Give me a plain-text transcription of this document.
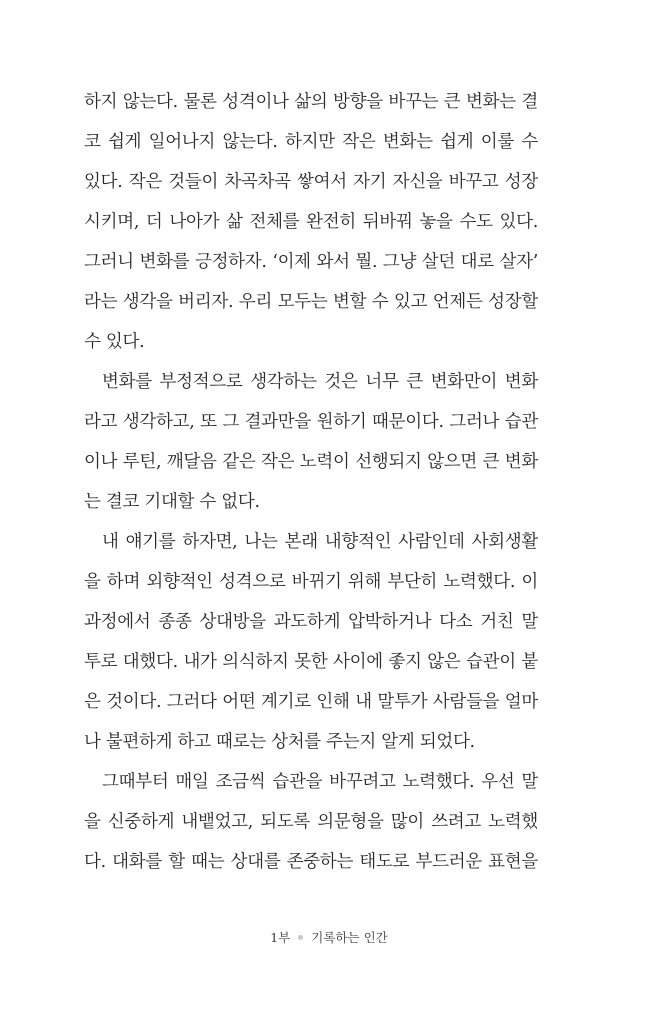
하지 않는다. 물론 성격이나 삶의 방향을 바꾸는 큰 변화는 결
코 쉽게 일어나지 않는다. 하지만 작은 변화는 쉽게 이룰 수
있다. 작은 것들이 차곡차곡 쌓여서 자기 자신을 바꾸고 성장
시키며, 더 나아가 삶 전체를 완전히 뒤바꿔 놓을 수도 있다.
그러니 변화를 긍정하자. ‘이제 와서 뭘. 그냥 살던 대로 살자’
라는 생각을 버리자. 우리 모두는 변할 수 있고 언제든 성장할
수 있다.
변화를 부정적으로 생각하는 것은 너무 큰 변화만이 변화
라고 생각하고, 또 그 결과만을 원하기 때문이다. 그러나 습관
이나 루틴, 깨달음 같은 작은 노력이 선행되지 않으면 큰 변화
는 결코 기대할 수 없다.
내 얘기를 하자면, 나는 본래 내향적인 사람인데 사회생활
을 하며 외향적인 성격으로 바뀌기 위해 부단히 노력했다. 이
과정에서 종종 상대방을 과도하게 압박하거나 다소 거친 말
투로 대했다. 내가 의식하지 못한 사이에 좋지 않은 습관이 붙
은 것이다. 그러다 어떤 계기로 인해 내 말투가 사람들을 얼마
나 불편하게 하고 때로는 상처를 주는지 알게 되었다.
그때부터 매일 조금씩 습관을 바꾸려고 노력했다. 우선 말
을 신중하게 내뱉었고, 되도록 의문형을 많이 쓰려고 노력했
다. 대화를 할 때는 상대를 존중하는 태도로 부드러운 표현을
1부 기록하는 인간
